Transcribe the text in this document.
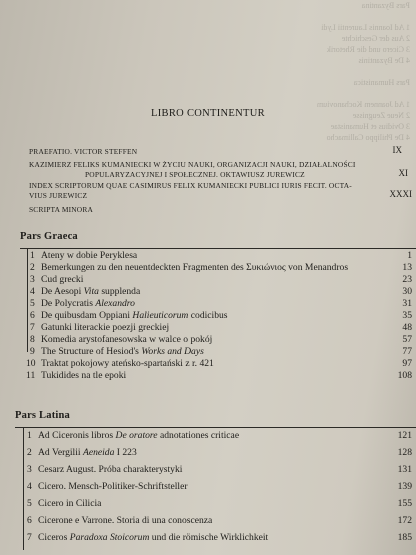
Pars Byzantina

1 Ad Ioannis Laurentii Lydi
2 Aus der Geschichte
3 Cicero und die Rhetorik
4 De Byzantinis

Pars Humanistica

1 Ad Joannem Kochanovium
2 Neue Zeugnisse
3 Ovidius et Humanistae
4 De Philippo Callimacho
LIBRO CONTINENTUR
PRAEFATIO. VICTOR STEFFEN	IX
KAZIMIERZ FELIKS KUMANIECKI W ŻYCIU NAUKI, ORGANIZACJI NAUKI, DZIAŁALNOŚCI
POPULARYZACYJNEJ I SPOŁECZNEJ. OKTAWIUSZ JUREWICZ	XI
INDEX SCRIPTORUM QUAE CASIMIRUS FELIX KUMANIECKI PUBLICI IURIS FECIT. OCTA-
VIUS JUREWICZ	XXXI
SCRIPTA MINORA
Pars Graeca
1 Ateny w dobie Peryklesa	1
2 Bemerkungen zu den neuentdeckten Fragmenten des Συκιώνιος von Menandros	13
3 Cud grecki	23
4 De Aesopi Vita supplenda	30
5 De Polycratis Alexandro	31
6 De quibusdam Oppiani Halieuticorum codicibus	35
7 Gatunki literackie poezji greckiej	48
8 Komedia arystofanesowska w walce o pokój	57
9 The Structure of Hesiod's Works and Days	77
10 Traktat pokojowy ateńsko-spartański z r. 421	97
11 Tukidides na tle epoki	108
Pars Latina
1 Ad Ciceronis libros De oratore adnotationes criticae	121
2 Ad Vergilii Aeneida I 223	128
3 Cesarz August. Próba charakterystyki	131
4 Cicero. Mensch-Politiker-Schriftsteller	139
5 Cicero in Cilicia	155
6 Cicerone e Varrone. Storia di una conoscenza	172
7 Ciceros Paradoxa Stoicorum und die römische Wirklichkeit	185
